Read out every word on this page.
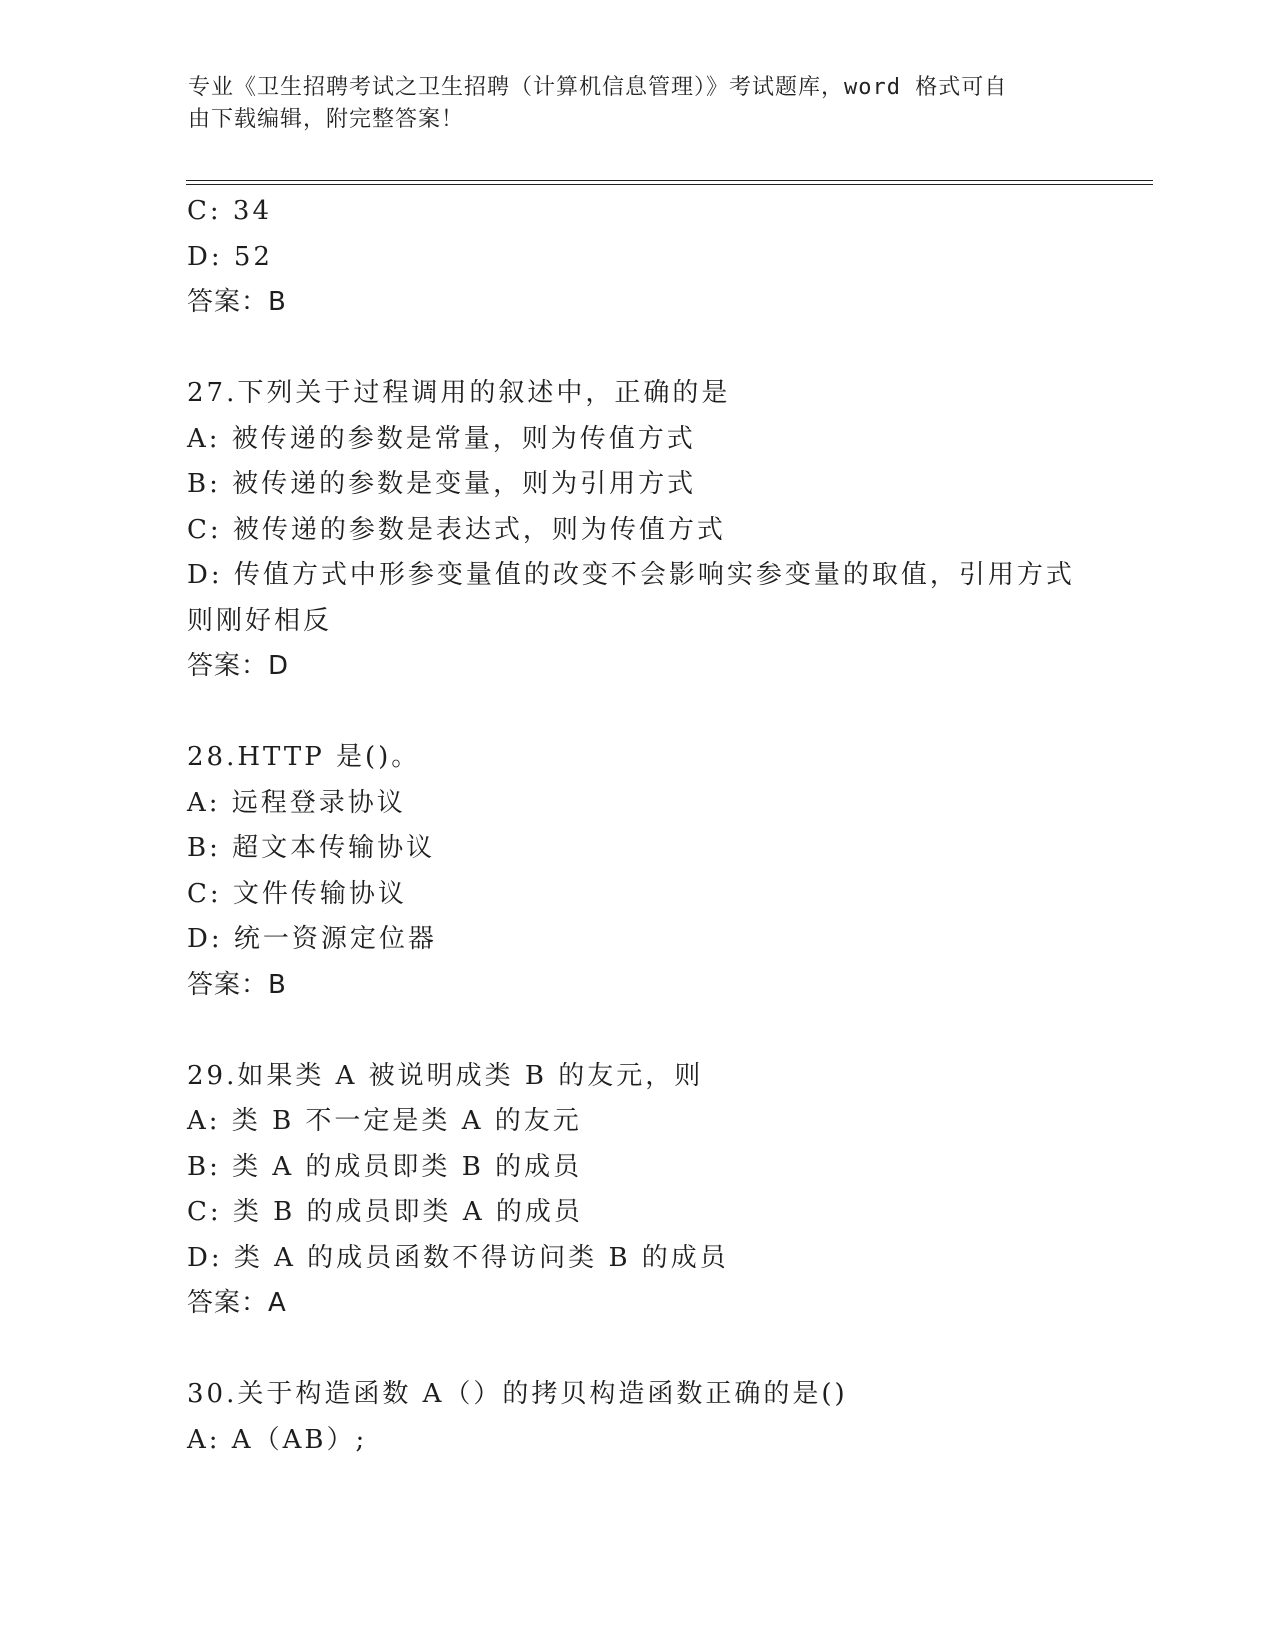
专业《卫生招聘考试之卫生招聘（计算机信息管理）》考试题库，word 格式可自
由下载编辑，附完整答案！
C: 34
D: 52
答案：B
27.下列关于过程调用的叙述中，正确的是
A: 被传递的参数是常量，则为传值方式
B: 被传递的参数是变量，则为引用方式
C: 被传递的参数是表达式，则为传值方式
D: 传值方式中形参变量值的改变不会影响实参变量的取值，引用方式
则刚好相反
答案：D
28.HTTP 是()。
A: 远程登录协议
B: 超文本传输协议
C: 文件传输协议
D: 统一资源定位器
答案：B
29.如果类 A 被说明成类 B 的友元，则
A: 类 B 不一定是类 A 的友元
B: 类 A 的成员即类 B 的成员
C: 类 B 的成员即类 A 的成员
D: 类 A 的成员函数不得访问类 B 的成员
答案：A
30.关于构造函数 A（）的拷贝构造函数正确的是()
A: A（AB）;
